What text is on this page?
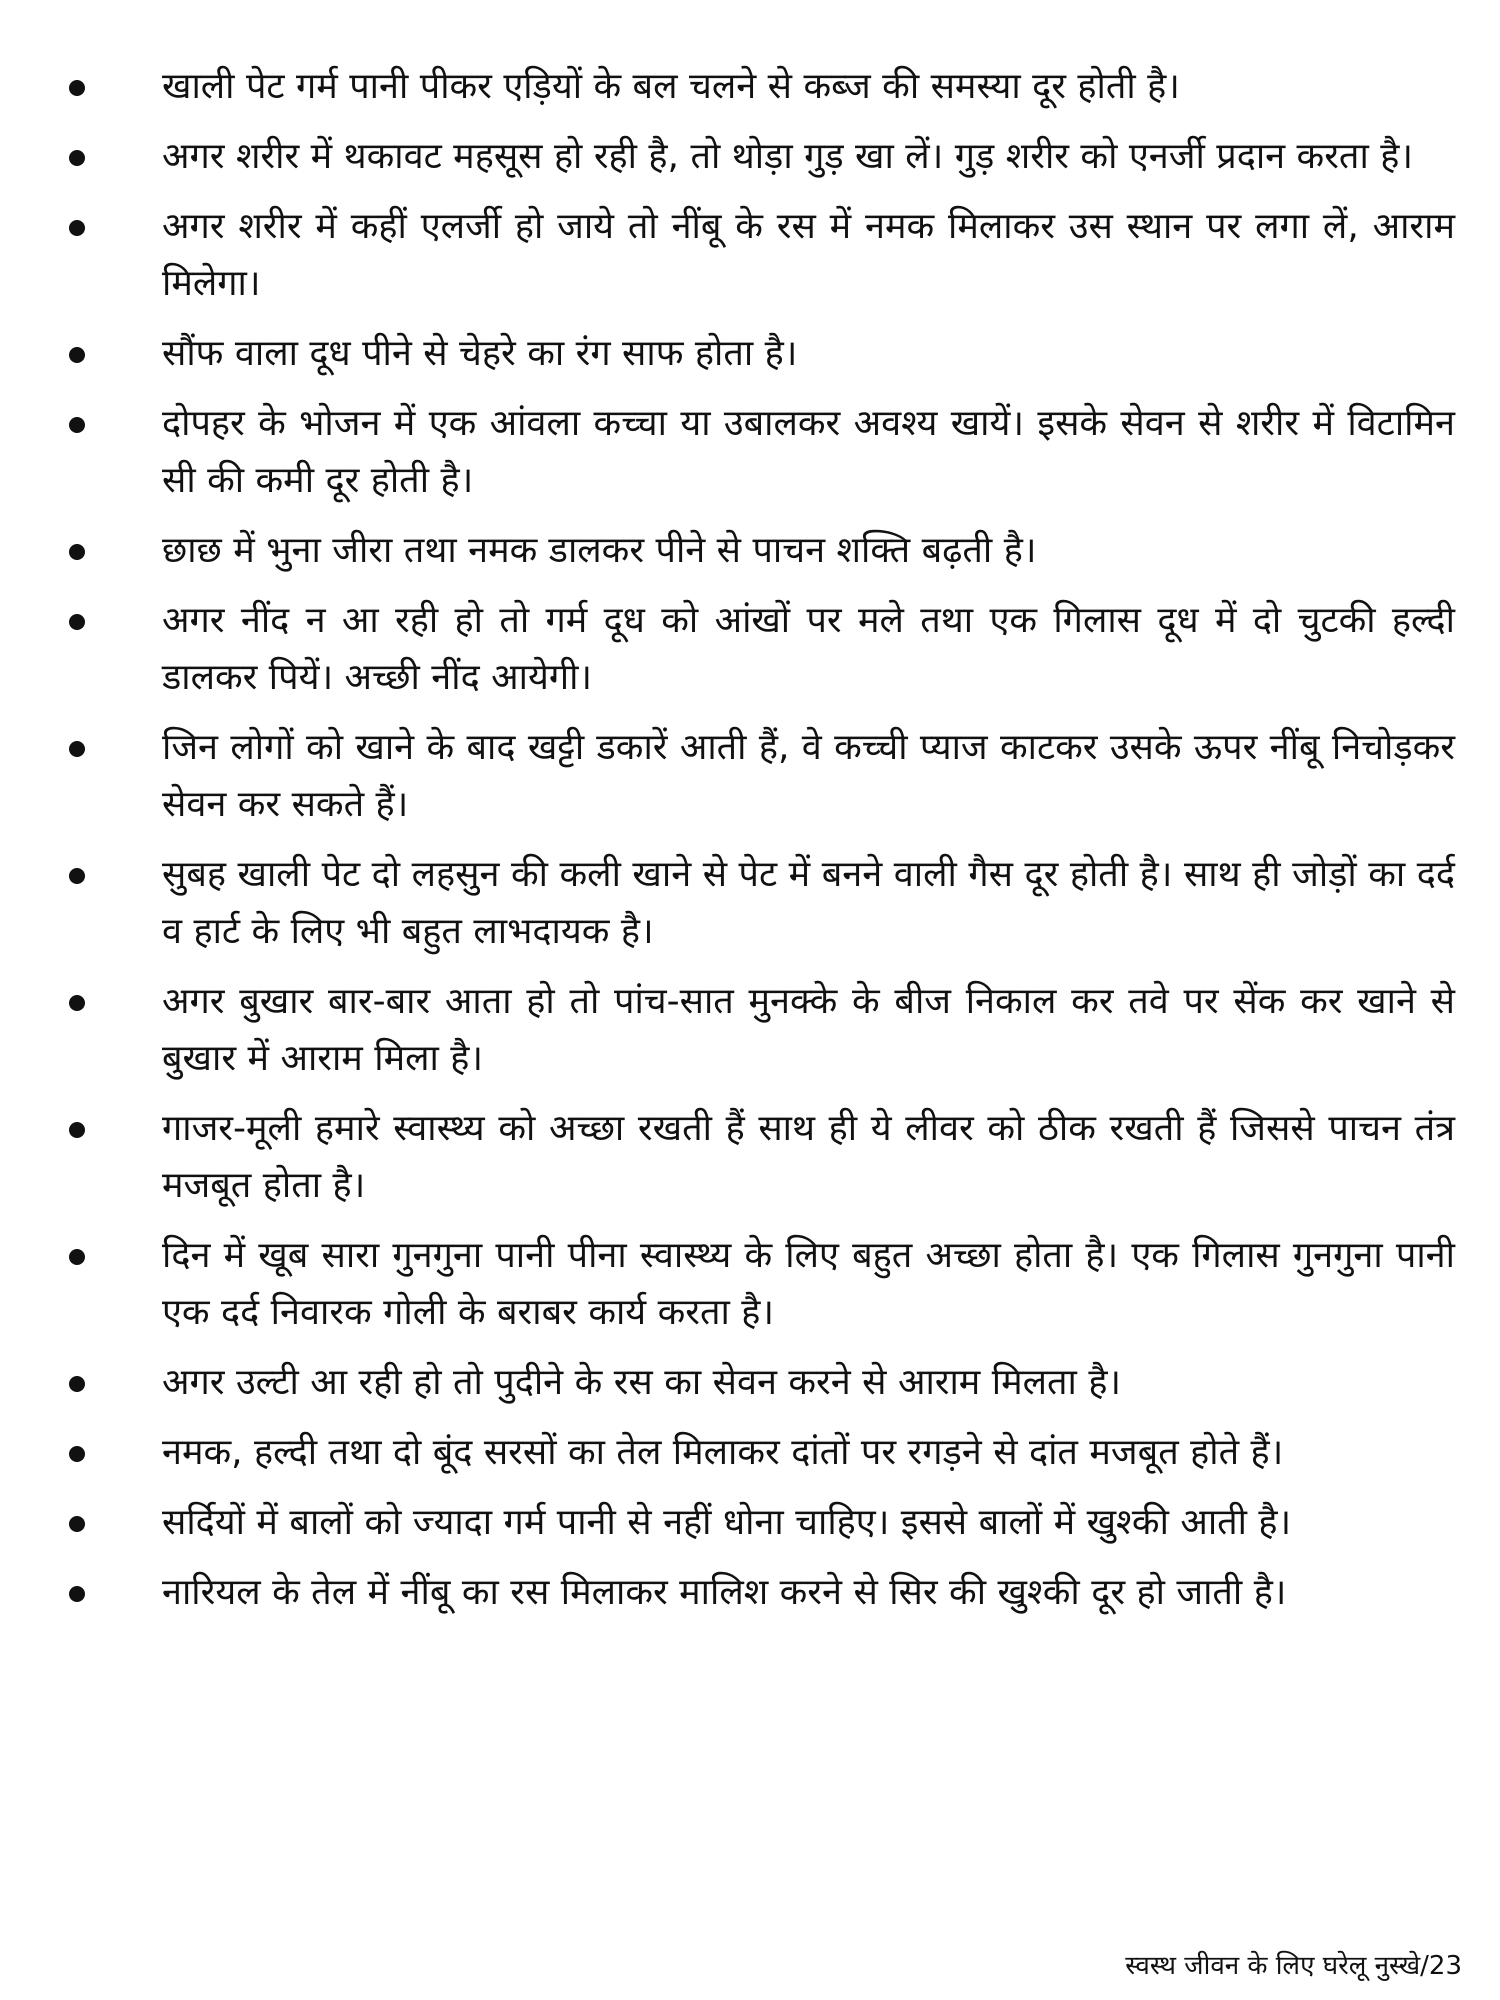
खाली पेट गर्म पानी पीकर एड़ियों के बल चलने से कब्ज की समस्या दूर होती है।
अगर शरीर में थकावट महसूस हो रही है, तो थोड़ा गुड़ खा लें। गुड़ शरीर को एनर्जी प्रदान करता है।
अगर शरीर में कहीं एलर्जी हो जाये तो नींबू के रस में नमक मिलाकर उस स्थान पर लगा लें, आराम मिलेगा।
सौंफ वाला दूध पीने से चेहरे का रंग साफ होता है।
दोपहर के भोजन में एक आंवला कच्चा या उबालकर अवश्य खायें। इसके सेवन से शरीर में विटामिन सी की कमी दूर होती है।
छाछ में भुना जीरा तथा नमक डालकर पीने से पाचन शक्ति बढ़ती है।
अगर नींद न आ रही हो तो गर्म दूध को आंखों पर मले तथा एक गिलास दूध में दो चुटकी हल्दी डालकर पियें। अच्छी नींद आयेगी।
जिन लोगों को खाने के बाद खट्टी डकारें आती हैं, वे कच्ची प्याज काटकर उसके ऊपर नींबू निचोड़कर सेवन कर सकते हैं।
सुबह खाली पेट दो लहसुन की कली खाने से पेट में बनने वाली गैस दूर होती है। साथ ही जोड़ों का दर्द व हार्ट के लिए भी बहुत लाभदायक है।
अगर बुखार बार-बार आता हो तो पांच-सात मुनक्के के बीज निकाल कर तवे पर सेंक कर खाने से बुखार में आराम मिला है।
गाजर-मूली हमारे स्वास्थ्य को अच्छा रखती हैं साथ ही ये लीवर को ठीक रखती हैं जिससे पाचन तंत्र मजबूत होता है।
दिन में खूब सारा गुनगुना पानी पीना स्वास्थ्य के लिए बहुत अच्छा होता है। एक गिलास गुनगुना पानी एक दर्द निवारक गोली के बराबर कार्य करता है।
अगर उल्टी आ रही हो तो पुदीने के रस का सेवन करने से आराम मिलता है।
नमक, हल्दी तथा दो बूंद सरसों का तेल मिलाकर दांतों पर रगड़ने से दांत मजबूत होते हैं।
सर्दियों में बालों को ज्यादा गर्म पानी से नहीं धोना चाहिए। इससे बालों में खुश्की आती है।
नारियल के तेल में नींबू का रस मिलाकर मालिश करने से सिर की खुश्की दूर हो जाती है।
स्वस्थ जीवन के लिए घरेलू नुस्खे/23
